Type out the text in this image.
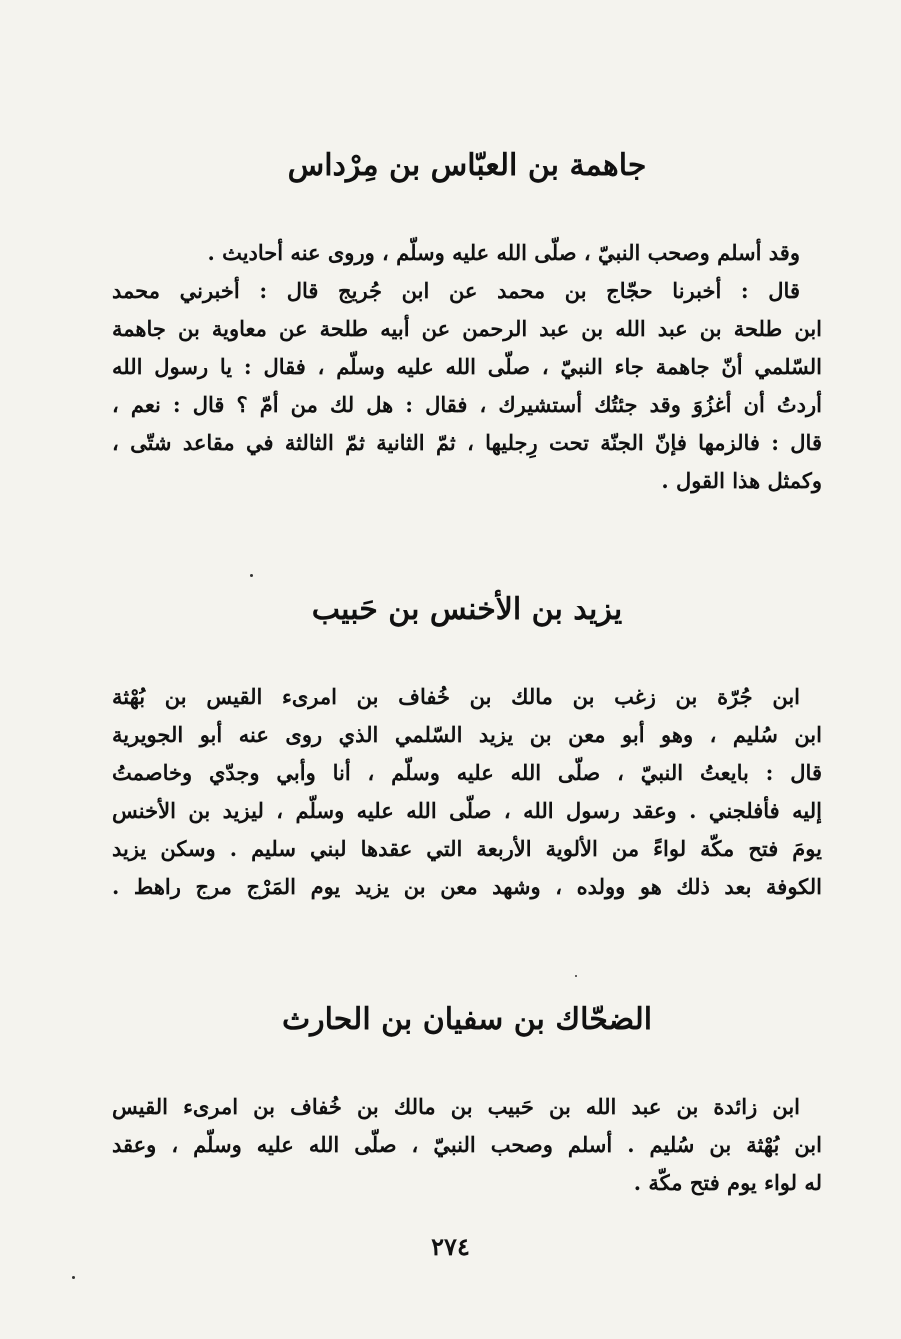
جاهمة بن العبّاس بن مِرْداس
وقد أسلم وصحب النبيّ ، صلّى الله عليه وسلّم ، وروى عنه أحاديث .
قال : أخبرنا حجّاج بن محمد عن ابن جُريج قال : أخبرني محمد
ابن طلحة بن عبد الله بن عبد الرحمن عن أبيه طلحة عن معاوية بن جاهمة
السّلمي أنّ جاهمة جاء النبيّ ، صلّى الله عليه وسلّم ، فقال : يا رسول الله
أردتُ أن أغزُوَ وقد جئتُك أستشيرك ، فقال : هل لك من أمّ ؟ قال : نعم ،
قال : فالزمها فإنّ الجنّة تحت رِجليها ، ثمّ الثانية ثمّ الثالثة في مقاعد شتّى ،
وكمثل هذا القول .
يزيد بن الأخنس بن حَبيب
ابن جُرّة بن زغب بن مالك بن خُفاف بن امرىء القيس بن بُهْثة
ابن سُليم ، وهو أبو معن بن يزيد السّلمي الذي روى عنه أبو الجويرية
قال : بايعتُ النبيّ ، صلّى الله عليه وسلّم ، أنا وأبي وجدّي وخاصمتُ
إليه فأفلجني . وعقد رسول الله ، صلّى الله عليه وسلّم ، ليزيد بن الأخنس
يومَ فتح مكّة لواءً من الألوية الأربعة التي عقدها لبني سليم . وسكن يزيد
الكوفة بعد ذلك هو وولده ، وشهد معن بن يزيد يوم المَرْج مرج راهط .
الضحّاك بن سفيان بن الحارث
ابن زائدة بن عبد الله بن حَبيب بن مالك بن خُفاف بن امرىء القيس
ابن بُهْثة بن سُليم . أسلم وصحب النبيّ ، صلّى الله عليه وسلّم ، وعقد
له لواء يوم فتح مكّة .
٢٧٤
